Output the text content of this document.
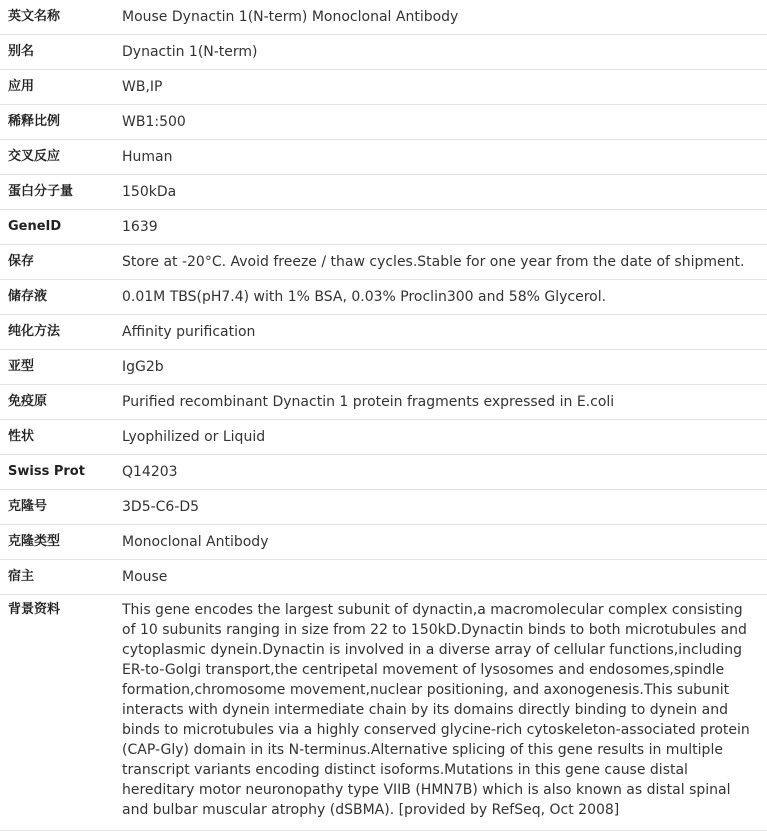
英文名称	Mouse Dynactin 1(N-term) Monoclonal Antibody
别名	Dynactin 1(N-term)
应用	WB,IP
稀释比例	WB1:500
交叉反应	Human
蛋白分子量	150kDa
GeneID	1639
保存	Store at -20°C. Avoid freeze / thaw cycles.Stable for one year from the date of shipment.
储存液	0.01M TBS(pH7.4) with 1% BSA, 0.03% Proclin300 and 58% Glycerol.
纯化方法	Affinity purification
亚型	IgG2b
免疫原	Purified recombinant Dynactin 1 protein fragments expressed in E.coli
性状	Lyophilized or Liquid
Swiss Prot	Q14203
克隆号	3D5-C6-D5
克隆类型	Monoclonal Antibody
宿主	Mouse
背景资料	This gene encodes the largest subunit of dynactin,a macromolecular complex consisting of 10 subunits ranging in size from 22 to 150kD.Dynactin binds to both microtubules and cytoplasmic dynein.Dynactin is involved in a diverse array of cellular functions,including ER-to-Golgi transport,the centripetal movement of lysosomes and endosomes,spindle formation,chromosome movement,nuclear positioning, and axonogenesis.This subunit interacts with dynein intermediate chain by its domains directly binding to dynein and binds to microtubules via a highly conserved glycine-rich cytoskeleton-associated protein (CAP-Gly) domain in its N-terminus.Alternative splicing of this gene results in multiple transcript variants encoding distinct isoforms.Mutations in this gene cause distal hereditary motor neuronopathy type VIIB (HMN7B) which is also known as distal spinal and bulbar muscular atrophy (dSBMA). [provided by RefSeq, Oct 2008]
